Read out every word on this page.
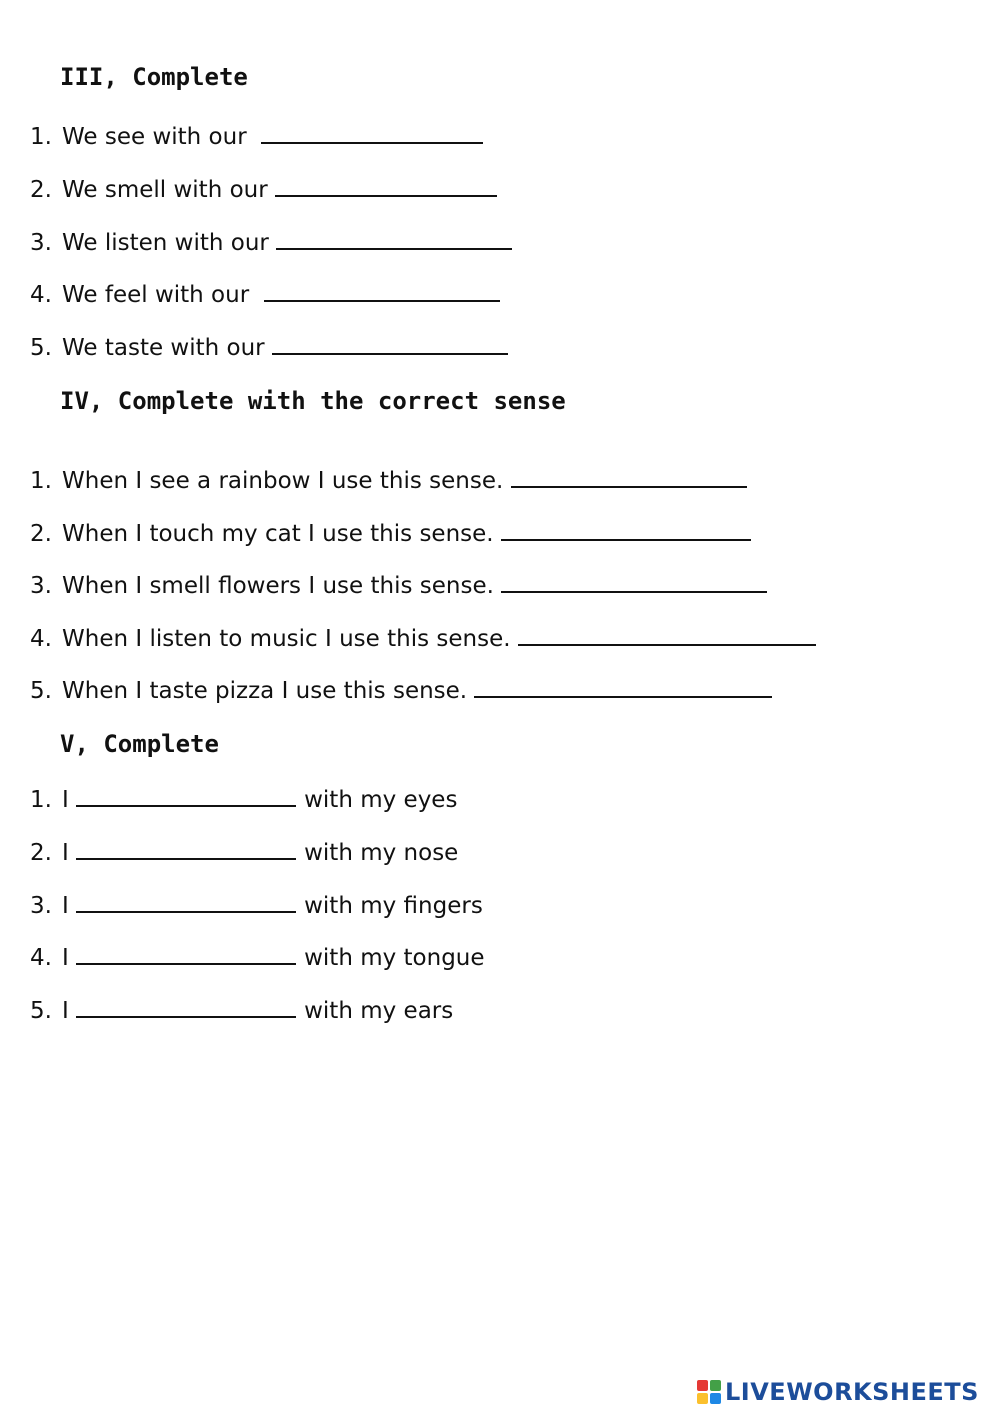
III, Complete
1. We see with our
2. We smell with our
3. We listen with our
4. We feel with our
5. We taste with our
IV, Complete with the correct sense
1. When I see a rainbow I use this sense.
2. When I touch my cat I use this sense.
3. When I smell flowers I use this sense.
4. When I listen to music I use this sense.
5. When I taste pizza I use this sense.
V, Complete
1. I	with my eyes
2. I	with my nose
3. I	with my fingers
4. I	with my tongue
5. I	with my ears
LIVEWORKSHEETS
